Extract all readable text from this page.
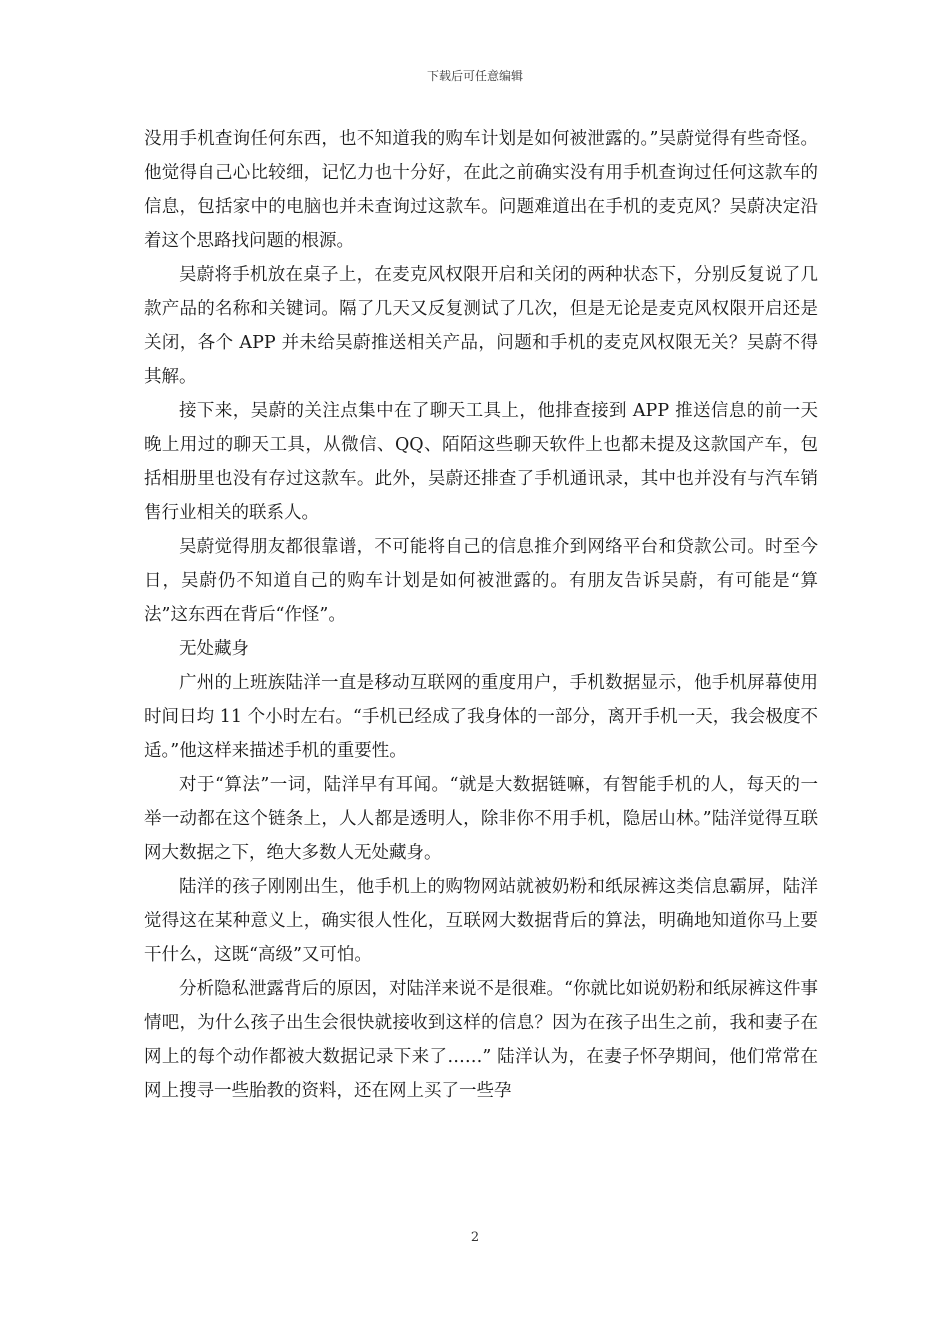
下载后可任意编辑

没用手机查询任何东西，也不知道我的购车计划是如何被泄露的。”吴蔚觉得有些奇怪。他觉得自己心比较细，记忆力也十分好，在此之前确实没有用手机查询过任何这款车的信息，包括家中的电脑也并未查询过这款车。问题难道出在手机的麦克风？吴蔚决定沿着这个思路找问题的根源。

吴蔚将手机放在桌子上，在麦克风权限开启和关闭的两种状态下，分别反复说了几款产品的名称和关键词。隔了几天又反复测试了几次，但是无论是麦克风权限开启还是关闭，各个 APP 并未给吴蔚推送相关产品，问题和手机的麦克风权限无关？吴蔚不得其解。

接下来，吴蔚的关注点集中在了聊天工具上，他排查接到 APP 推送信息的前一天晚上用过的聊天工具，从微信、QQ、陌陌这些聊天软件上也都未提及这款国产车，包括相册里也没有存过这款车。此外，吴蔚还排查了手机通讯录，其中也并没有与汽车销售行业相关的联系人。

吴蔚觉得朋友都很靠谱，不可能将自己的信息推介到网络平台和贷款公司。时至今日，吴蔚仍不知道自己的购车计划是如何被泄露的。有朋友告诉吴蔚，有可能是“算法”这东西在背后“作怪”。

无处藏身

广州的上班族陆洋一直是移动互联网的重度用户，手机数据显示，他手机屏幕使用时间日均 11 个小时左右。“手机已经成了我身体的一部分，离开手机一天，我会极度不适。”他这样来描述手机的重要性。

对于“算法”一词，陆洋早有耳闻。“就是大数据链嘛，有智能手机的人，每天的一举一动都在这个链条上，人人都是透明人，除非你不用手机，隐居山林。”陆洋觉得互联网大数据之下，绝大多数人无处藏身。

陆洋的孩子刚刚出生，他手机上的购物网站就被奶粉和纸尿裤这类信息霸屏，陆洋觉得这在某种意义上，确实很人性化，互联网大数据背后的算法，明确地知道你马上要干什么，这既“高级”又可怕。

分析隐私泄露背后的原因，对陆洋来说不是很难。“你就比如说奶粉和纸尿裤这件事情吧，为什么孩子出生会很快就接收到这样的信息？因为在孩子出生之前，我和妻子在网上的每个动作都被大数据记录下来了……” 陆洋认为，在妻子怀孕期间，他们常常在网上搜寻一些胎教的资料，还在网上买了一些孕

2
